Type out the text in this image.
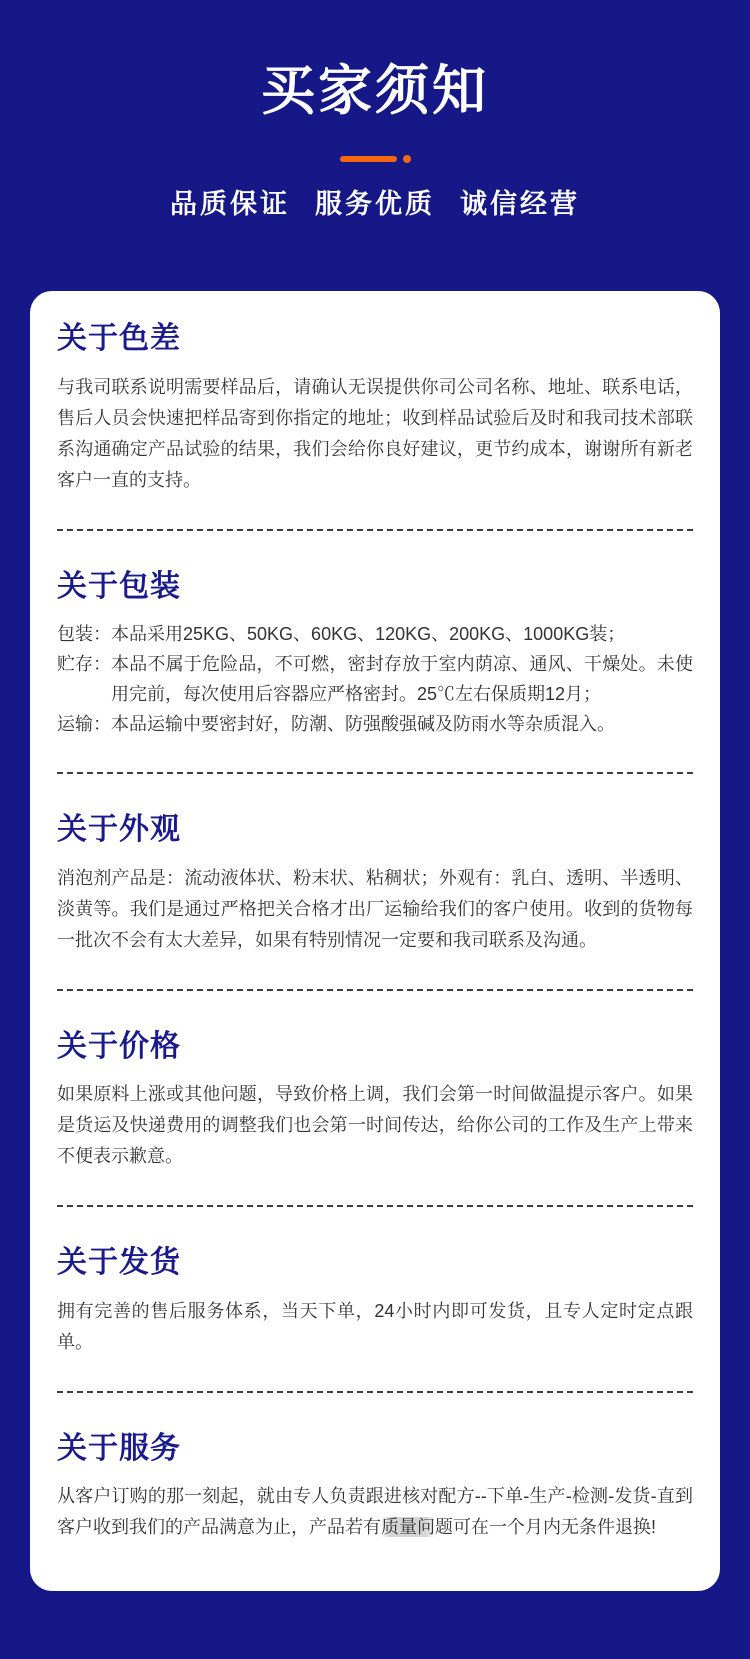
买家须知
品质保证 服务优质 诚信经营
关于色差

与我司联系说明需要样品后，请确认无误提供你司公司名称、地址、联系电话，售后人员会快速把样品寄到你指定的地址；收到样品试验后及时和我司技术部联系沟通确定产品试验的结果，我们会给你良好建议，更节约成本，谢谢所有新老客户一直的支持。

关于包装
包装： 本品采用25KG、50KG、60KG、120KG、200KG、1000KG装；
贮存： 本品不属于危险品，不可燃，密封存放于室内荫凉、通风、干燥处。未使用完前，每次使用后容器应严格密封。25℃左右保质期12月；
运输： 本品运输中要密封好，防潮、防强酸强碱及防雨水等杂质混入。
关于外观

消泡剂产品是：流动液体状、粉末状、粘稠状；外观有：乳白、透明、半透明、淡黄等。我们是通过严格把关合格才出厂运输给我们的客户使用。收到的货物每一批次不会有太大差异，如果有特别情况一定要和我司联系及沟通。

关于价格

如果原料上涨或其他问题，导致价格上调，我们会第一时间做温提示客户。如果是货运及快递费用的调整我们也会第一时间传达，给你公司的工作及生产上带来不便表示歉意。

关于发货

拥有完善的售后服务体系，当天下单，24小时内即可发货，且专人定时定点跟单。

关于服务

从客户订购的那一刻起，就由专人负责跟进核对配方--下单-生产-检测-发货-直到客户收到我们的产品满意为止，产品若有质量问题可在一个月内无条件退换!
